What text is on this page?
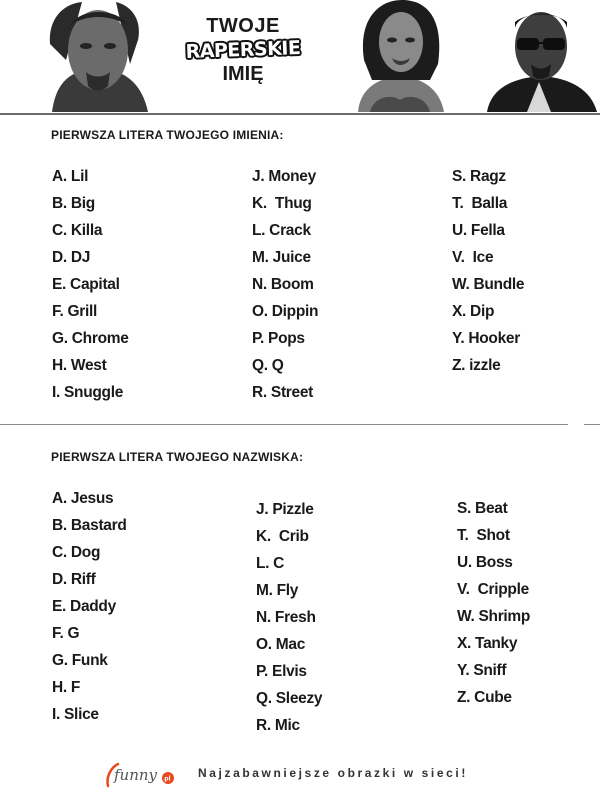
TWOJE
RAPERSKIE
IMIĘ
PIERWSZA LITERA TWOJEGO IMIENIA:
A. Lil
B. Big
C. Killa
D. DJ
E. Capital
F. Grill
G. Chrome
H. West
I. Snuggle
J. Money
K.  Thug
L. Crack
M. Juice
N. Boom
O. Dippin
P. Pops
Q. Q
R. Street
S. Ragz
T.  Balla
U. Fella
V.  Ice
W. Bundle
X. Dip
Y. Hooker
Z. izzle
PIERWSZA LITERA TWOJEGO NAZWISKA:
A. Jesus
B. Bastard
C. Dog
D. Riff
E. Daddy
F. G
G. Funk
H. F
I. Slice
J. Pizzle
K.  Crib
L. C
M. Fly
N. Fresh
O. Mac
P. Elvis
Q. Sleezy
R. Mic
S. Beat
T.  Shot
U. Boss
V.  Cripple
W. Shrimp
X. Tanky
Y. Sniff
Z. Cube
funny pl Najzabawniejsze obrazki w sieci!
